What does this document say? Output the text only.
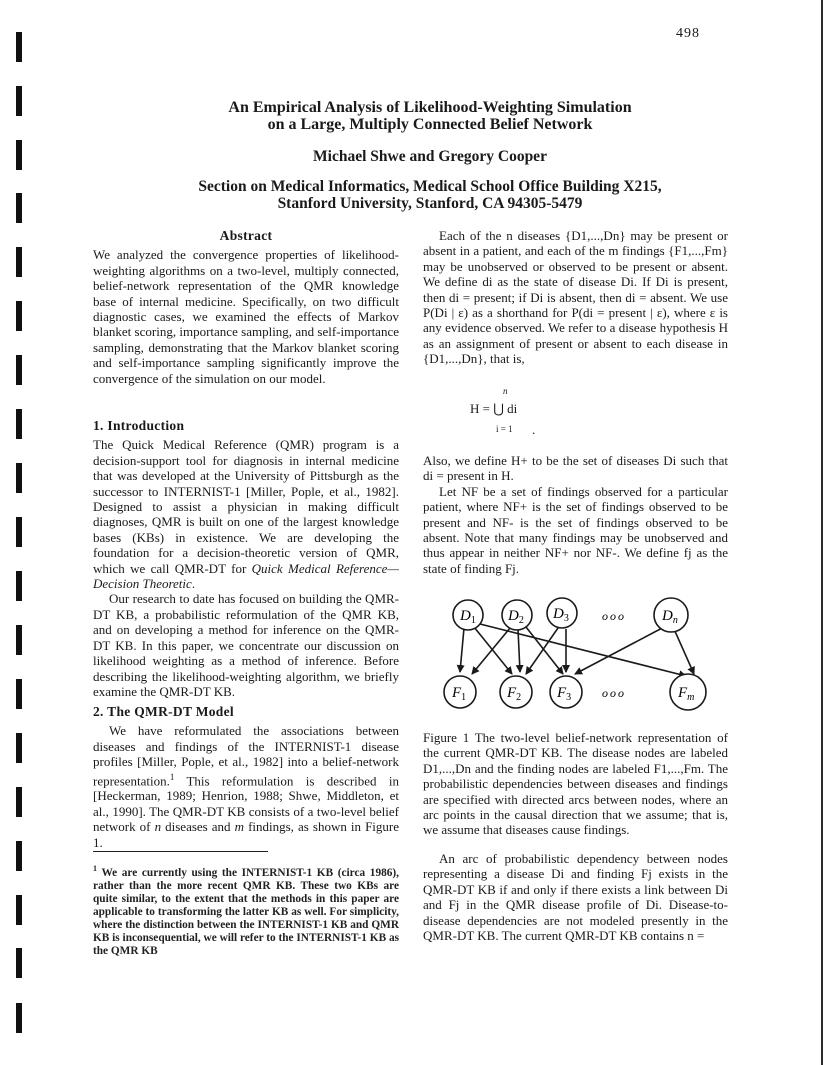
498
An Empirical Analysis of Likelihood-Weighting Simulation
on a Large, Multiply Connected Belief Network
Michael Shwe and Gregory Cooper
Section on Medical Informatics, Medical School Office Building X215,
Stanford University, Stanford, CA 94305-5479
Abstract

We analyzed the convergence properties of likelihood-weighting algorithms on a two-level, multiply connected, belief-network representation of the QMR knowledge base of internal medicine. Specifically, on two difficult diagnostic cases, we examined the effects of Markov blanket scoring, importance sampling, and self-importance sampling, demonstrating that the Markov blanket scoring and self-importance sampling significantly improve the convergence of the simulation on our model.

1. Introduction

The Quick Medical Reference (QMR) program is a decision-support tool for diagnosis in internal medicine that was developed at the University of Pittsburgh as the successor to INTERNIST-1 [Miller, Pople, et al., 1982]. Designed to assist a physician in making difficult diagnoses, QMR is built on one of the largest knowledge bases (KBs) in existence. We are developing the foundation for a decision-theoretic version of QMR, which we call QMR-DT for Quick Medical Reference—Decision Theoretic.

Our research to date has focused on building the QMR-DT KB, a probabilistic reformulation of the QMR KB, and on developing a method for inference on the QMR-DT KB. In this paper, we concentrate our discussion on likelihood weighting as a method of inference. Before describing the likelihood-weighting algorithm, we briefly examine the QMR-DT KB.

2. The QMR-DT Model

We have reformulated the associations between diseases and findings of the INTERNIST-1 disease profiles [Miller, Pople, et al., 1982] into a belief-network representation.$^1$ This reformulation is described in [Heckerman, 1989; Henrion, 1988; Shwe, Middleton, et al., 1990]. The QMR-DT KB consists of a two-level belief network of n diseases and m findings, as shown in Figure 1.

$^1$ We are currently using the INTERNIST-1 KB (circa 1986), rather than the more recent QMR KB. These two KBs are quite similar, to the extent that the methods in this paper are applicable to transforming the latter KB as well. For simplicity, where the distinction between the INTERNIST-1 KB and QMR KB is inconsequential, we will refer to the INTERNIST-1 KB as the QMR KB

Each of the n diseases {D1,...,Dn} may be present or absent in a patient, and each of the m findings {F1,...,Fm} may be unobserved or observed to be present or absent. We define di as the state of disease Di. If Di is present, then di = present; if Di is absent, then di = absent. We use P(Di | ε) as a shorthand for P(di = present | ε), where ε is any evidence observed. We refer to a disease hypothesis H as an assignment of present or absent to each disease in {D1,...,Dn}, that is,

n
H = ⋃ di
i = 1 .

Also, we define H+ to be the set of diseases Di such that di = present in H.

Let NF be a set of findings observed for a particular patient, where NF+ is the set of findings observed to be present and NF- is the set of findings observed to be absent. Note that many findings may be unobserved and thus appear in neither NF+ nor NF-. We define fj as the state of finding Fj.

$D_1$ $D_2$ $D_3$	$D_n$
ooo
$F_1$	$F_2$ $F_3$	$F_m$
ooo

Figure 1 The two-level belief-network representation of the current QMR-DT KB. The disease nodes are labeled D1,...,Dn and the finding nodes are labeled F1,...,Fm. The probabilistic dependencies between diseases and findings are specified with directed arcs between nodes, where an arc points in the causal direction that we assume; that is, we assume that diseases cause findings.

An arc of probabilistic dependency between nodes representing a disease Di and finding Fj exists in the QMR-DT KB if and only if there exists a link between Di and Fj in the QMR disease profile of Di. Disease-to-disease dependencies are not modeled presently in the QMR-DT KB. The current QMR-DT KB contains n =
